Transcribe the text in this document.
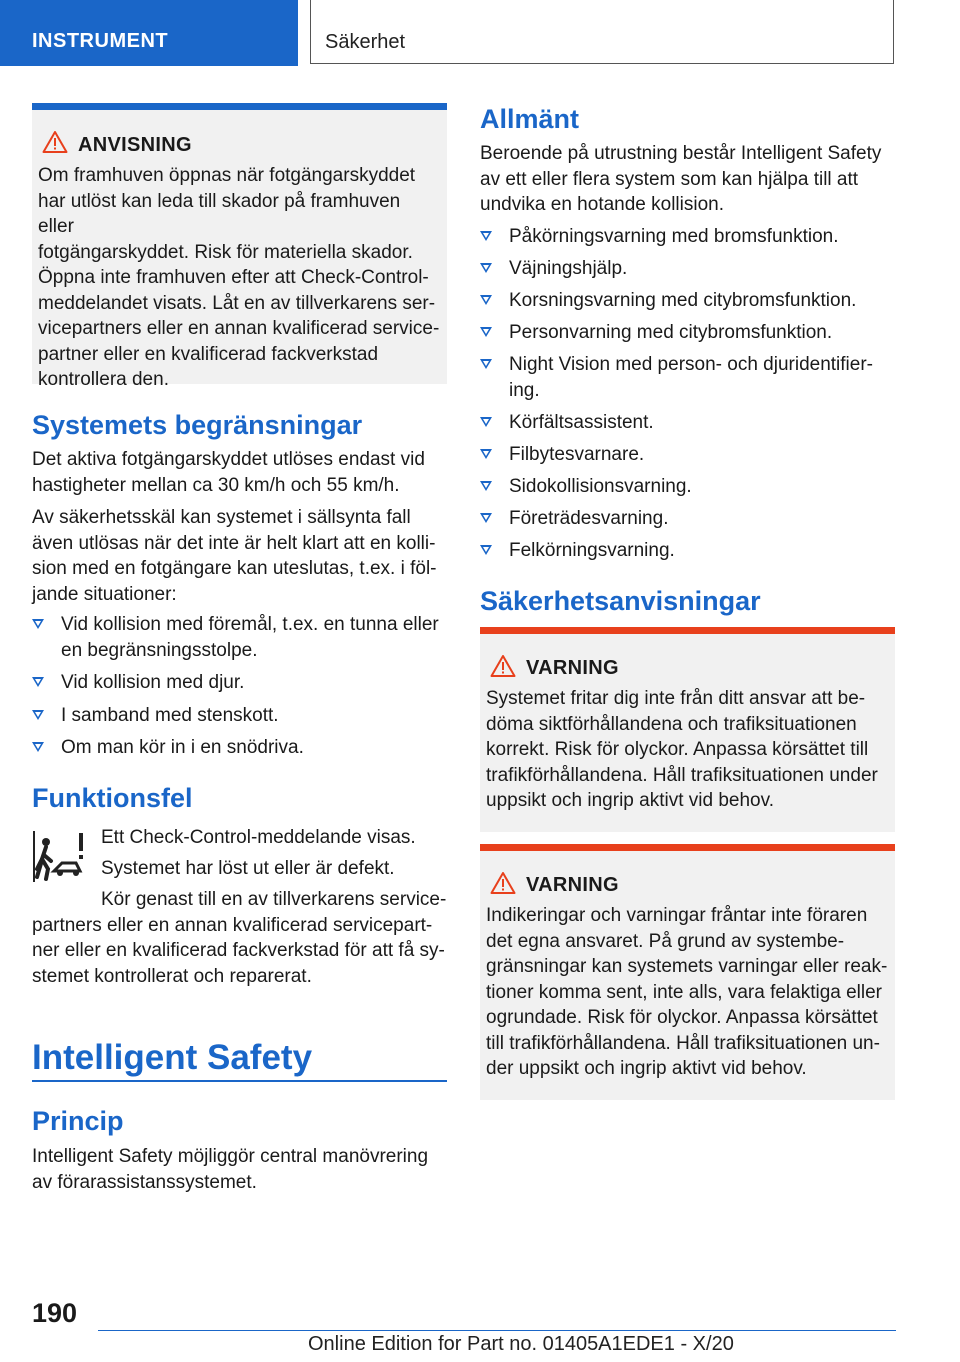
INSTRUMENT	Säkerhet
ANVISNING
Om framhuven öppnas när fotgängarskyddet
har utlöst kan leda till skador på framhuven eller
fotgängarskyddet. Risk för materiella skador.
Öppna inte framhuven efter att Check-Control-
meddelandet visats. Låt en av tillverkarens ser-
vicepartners eller en annan kvalificerad service-
partner eller en kvalificerad fackverkstad
kontrollera den.
Systemets begränsningar

Det aktiva fotgängarskyddet utlöses endast vid
hastigheter mellan ca 30 km/h och 55 km/h.

Av säkerhetsskäl kan systemet i sällsynta fall
även utlösas när det inte är helt klart att en kolli-
sion med en fotgängare kan uteslutas, t.ex. i föl-
jande situationer:

Vid kollision med föremål, t.ex. en tunna eller
en begränsningsstolpe.
Vid kollision med djur.
I samband med stenskott.
Om man kör in i en snödriva.
Funktionsfel

Ett Check-Control-meddelande visas.

Systemet har löst ut eller är defekt.

Kör genast till en av tillverkarens service-
partners eller en annan kvalificerad servicepart-
ner eller en kvalificerad fackverkstad för att få sy-
stemet kontrollerat och reparerat.

Intelligent Safety
Princip

Intelligent Safety möjliggör central manövrering
av förarassistanssystemet.

Allmänt

Beroende på utrustning består Intelligent Safety
av ett eller flera system som kan hjälpa till att
undvika en hotande kollision.

Påkörningsvarning med bromsfunktion.
Väjningshjälp.
Korsningsvarning med citybromsfunktion.
Personvarning med citybromsfunktion.
Night Vision med person- och djuridentifier-
ing.
Körfältsassistent.
Filbytesvarnare.
Sidokollisionsvarning.
Företrädesvarning.
Felkörningsvarning.
Säkerhetsanvisningar
VARNING
Systemet fritar dig inte från ditt ansvar att be-
döma siktförhållandena och trafiksituationen
korrekt. Risk för olyckor. Anpassa körsättet till
trafikförhållandena. Håll trafiksituationen under
uppsikt och ingrip aktivt vid behov.
VARNING
Indikeringar och varningar fråntar inte föraren
det egna ansvaret. På grund av systembe-
gränsningar kan systemets varningar eller reak-
tioner komma sent, inte alls, vara felaktiga eller
ogrundade. Risk för olyckor. Anpassa körsättet
till trafikförhållandena. Håll trafiksituationen un-
der uppsikt och ingrip aktivt vid behov.
190
Online Edition for Part no. 01405A1EDE1 - X/20
